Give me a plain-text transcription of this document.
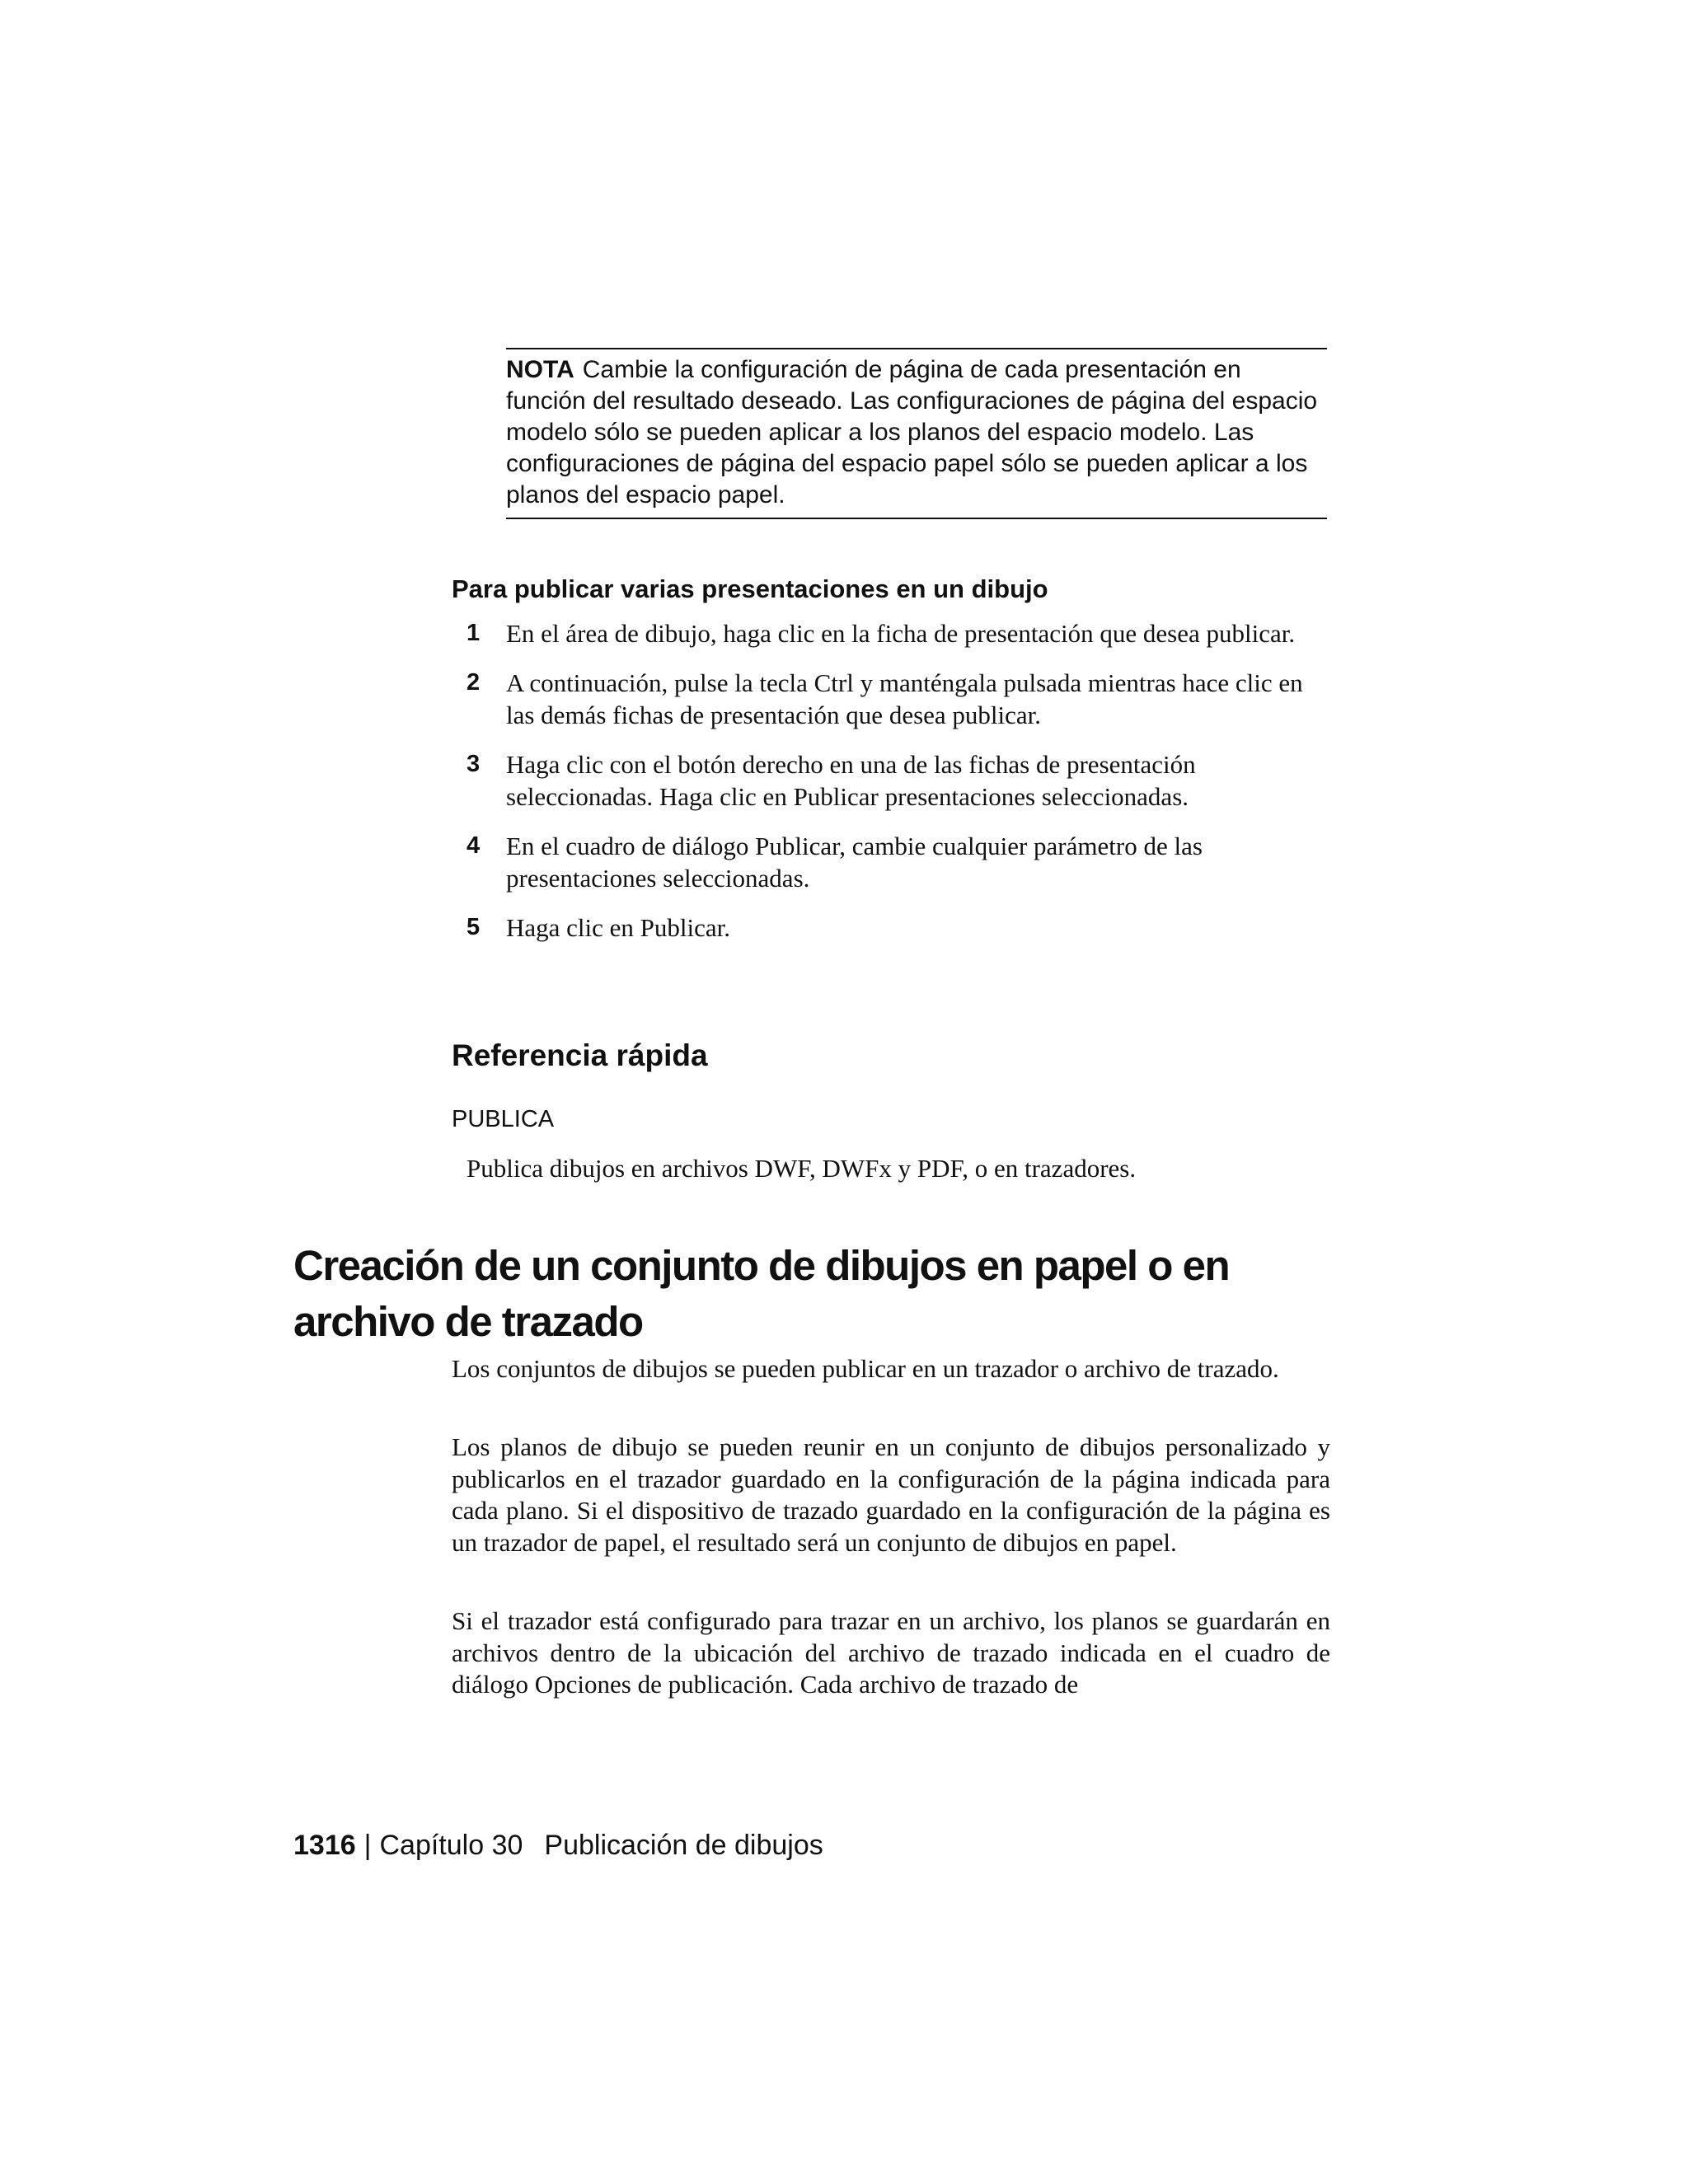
NOTA Cambie la configuración de página de cada presentación en función del resultado deseado. Las configuraciones de página del espacio modelo sólo se pueden aplicar a los planos del espacio modelo. Las configuraciones de página del espacio papel sólo se pueden aplicar a los planos del espacio papel.
Para publicar varias presentaciones en un dibujo
1 En el área de dibujo, haga clic en la ficha de presentación que desea publicar.
2 A continuación, pulse la tecla Ctrl y manténgala pulsada mientras hace clic en las demás fichas de presentación que desea publicar.
3 Haga clic con el botón derecho en una de las fichas de presentación seleccionadas. Haga clic en Publicar presentaciones seleccionadas.
4 En el cuadro de diálogo Publicar, cambie cualquier parámetro de las presentaciones seleccionadas.
5 Haga clic en Publicar.
Referencia rápida
PUBLICA
Publica dibujos en archivos DWF, DWFx y PDF, o en trazadores.
Creación de un conjunto de dibujos en papel o en archivo de trazado

Los conjuntos de dibujos se pueden publicar en un trazador o archivo de trazado.

Los planos de dibujo se pueden reunir en un conjunto de dibujos personalizado y publicarlos en el trazador guardado en la configuración de la página indicada para cada plano. Si el dispositivo de trazado guardado en la configuración de la página es un trazador de papel, el resultado será un conjunto de dibujos en papel.

Si el trazador está configurado para trazar en un archivo, los planos se guardarán en archivos dentro de la ubicación del archivo de trazado indicada en el cuadro de diálogo Opciones de publicación. Cada archivo de trazado de

1316 | Capítulo 30 Publicación de dibujos
